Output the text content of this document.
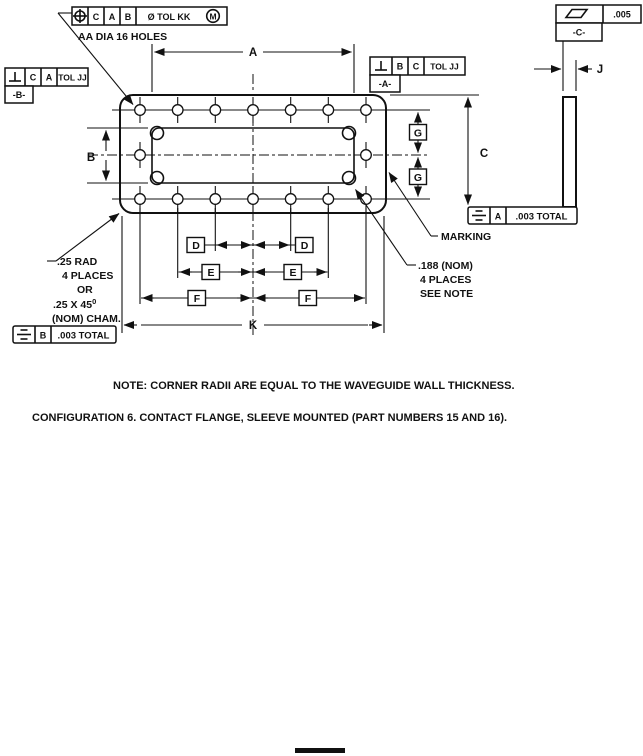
A
B	C
G
G
J
D	D
E	E
F	F
K
C A B Ø TOL KK M
AA DIA 16 HOLES
C A TOL JJ
-B-
B C TOL JJ
-A-
.005
-C-
A .003 TOTAL
B .003 TOTAL
MARKING
.188 (NOM)
4 PLACES
SEE NOTE
.25 RAD
4 PLACES
OR
.25 X $45^0$
(NOM) CHAM.
NOTE: CORNER RADII ARE EQUAL TO THE WAVEGUIDE WALL THICKNESS.
CONFIGURATION 6. CONTACT FLANGE, SLEEVE MOUNTED (PART NUMBERS 15 AND 16).
